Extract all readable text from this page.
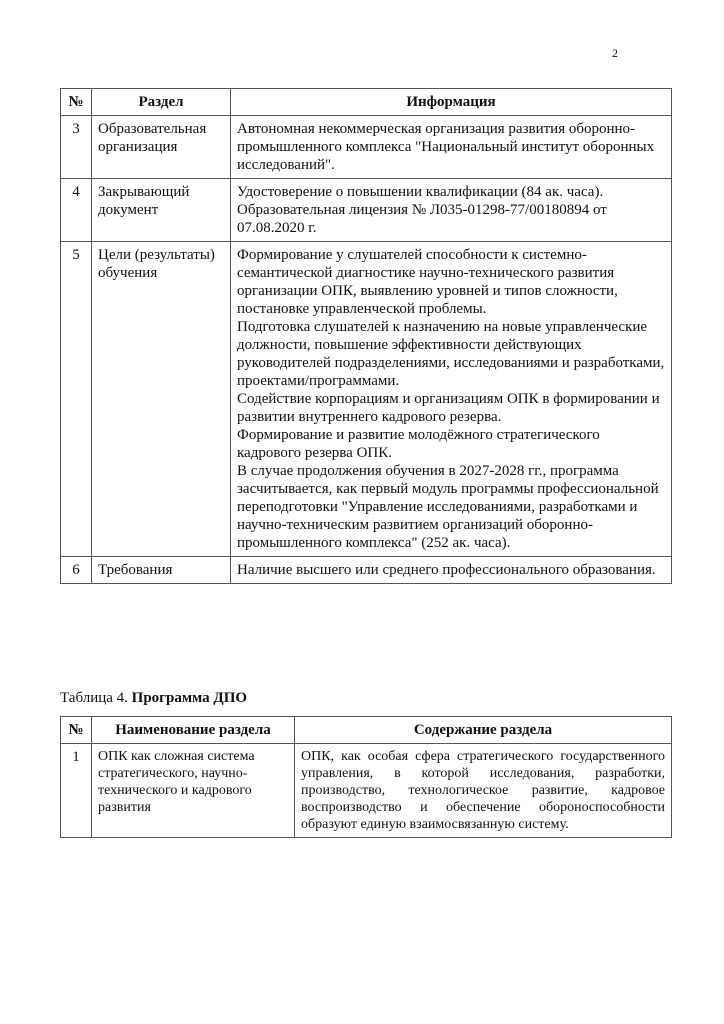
2
№	Раздел	Информация
3	Образовательная организация	Автономная некоммерческая организация развития оборонно-промышленного комплекса "Национальный институт оборонных исследований".

4	Закрывающий документ	Удостоверение о повышении квалификации (84 ак. часа). Образовательная лицензия № Л035-01298-77/00180894 от 07.08.2020 г.

5	Цели (результаты) обучения	Формирование у слушателей способности к системно-семантической диагностике научно-технического развития организации ОПК, выявлению уровней и типов сложности, постановке управленческой проблемы.
Подготовка слушателей к назначению на новые управленческие должности, повышение эффективности действующих руководителей подразделениями, исследованиями и разработками, проектами/программами.
Содействие корпорациям и организациям ОПК в формировании и развитии внутреннего кадрового резерва.
Формирование и развитие молодёжного стратегического кадрового резерва ОПК.
В случае продолжения обучения в 2027-2028 гг., программа засчитывается, как первый модуль программы профессиональной переподготовки "Управление исследованиями, разработками и научно-техническим развитием организаций оборонно-промышленного комплекса" (252 ак. часа).

6	Требования	Наличие высшего или среднего профессионального образования.
Таблица 4. Программа ДПО
№	Наименование раздела	Содержание раздела
1	ОПК как сложная система стратегического, научно-технического и кадрового развития	ОПК, как особая сфера стратегического государственного управления, в которой исследования, разработки, производство, технологическое развитие, кадровое воспроизводство и обеспечение обороноспособности образуют единую взаимосвязанную систему.
